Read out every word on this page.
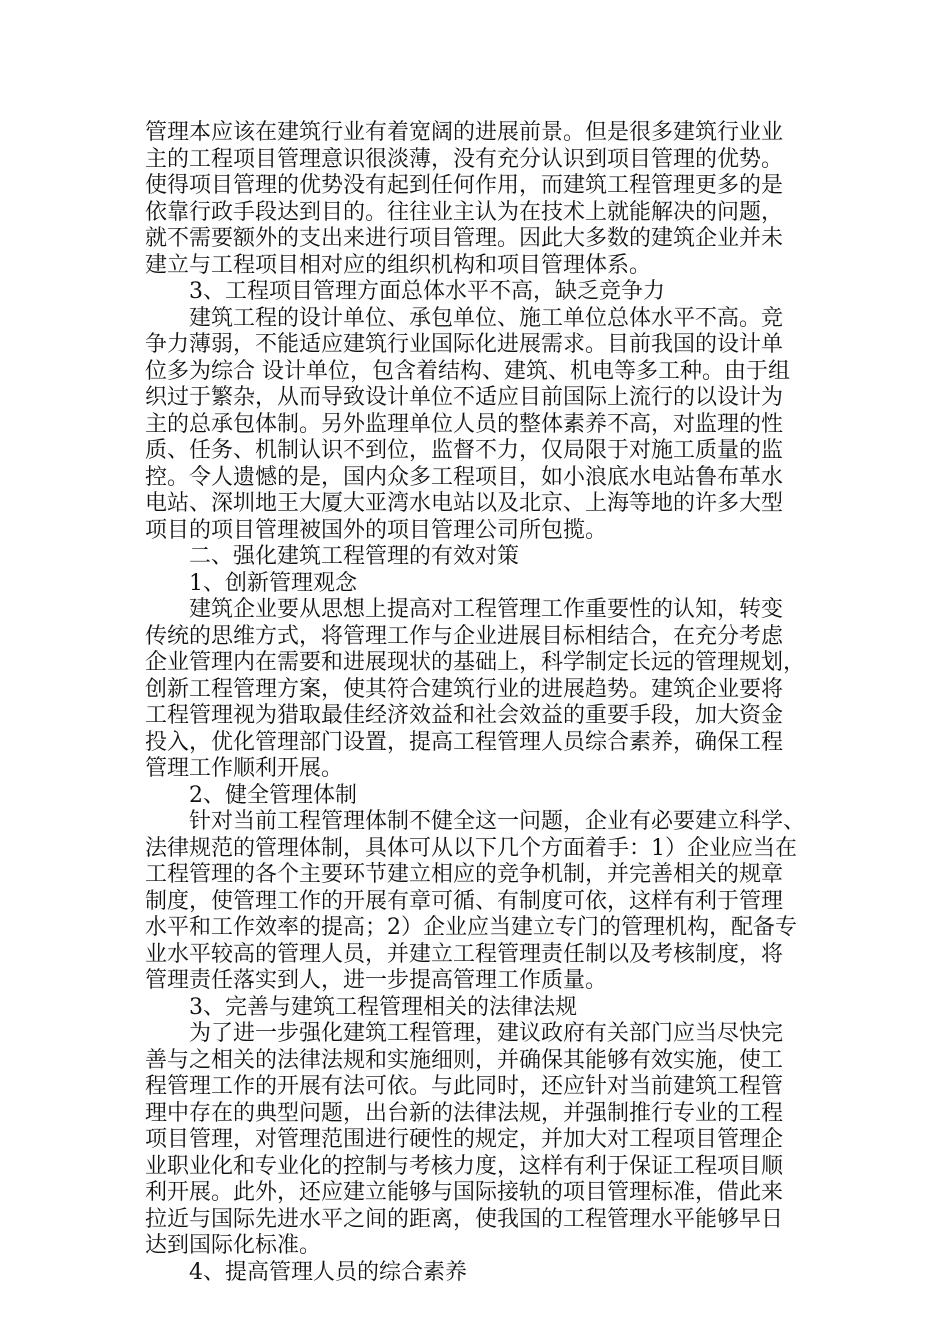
管理本应该在建筑行业有着宽阔的进展前景。但是很多建筑行业业
主的工程项目管理意识很淡薄，没有充分认识到项目管理的优势。
使得项目管理的优势没有起到任何作用，而建筑工程管理更多的是
依靠行政手段达到目的。往往业主认为在技术上就能解决的问题，
就不需要额外的支出来进行项目管理。因此大多数的建筑企业并未
建立与工程项目相对应的组织机构和项目管理体系。
3、工程项目管理方面总体水平不高，缺乏竞争力
建筑工程的设计单位、承包单位、施工单位总体水平不高。竞
争力薄弱，不能适应建筑行业国际化进展需求。目前我国的设计单
位多为综合 设计单位，包含着结构、建筑、机电等多工种。由于组
织过于繁杂，从而导致设计单位不适应目前国际上流行的以设计为
主的总承包体制。另外监理单位人员的整体素养不高，对监理的性
质、任务、机制认识不到位，监督不力，仅局限于对施工质量的监
控。令人遗憾的是，国内众多工程项目，如小浪底水电站鲁布革水
电站、深圳地王大厦大亚湾水电站以及北京、上海等地的许多大型
项目的项目管理被国外的项目管理公司所包揽。
二、强化建筑工程管理的有效对策
1、创新管理观念
建筑企业要从思想上提高对工程管理工作重要性的认知，转变
传统的思维方式，将管理工作与企业进展目标相结合，在充分考虑
企业管理内在需要和进展现状的基础上，科学制定长远的管理规划，
创新工程管理方案，使其符合建筑行业的进展趋势。建筑企业要将
工程管理视为猎取最佳经济效益和社会效益的重要手段，加大资金
投入，优化管理部门设置，提高工程管理人员综合素养，确保工程
管理工作顺利开展。
2、健全管理体制
针对当前工程管理体制不健全这一问题，企业有必要建立科学、
法律规范的管理体制，具体可从以下几个方面着手：1）企业应当在
工程管理的各个主要环节建立相应的竞争机制，并完善相关的规章
制度，使管理工作的开展有章可循、有制度可依，这样有利于管理
水平和工作效率的提高；2）企业应当建立专门的管理机构，配备专
业水平较高的管理人员，并建立工程管理责任制以及考核制度，将
管理责任落实到人，进一步提高管理工作质量。
3、完善与建筑工程管理相关的法律法规
为了进一步强化建筑工程管理，建议政府有关部门应当尽快完
善与之相关的法律法规和实施细则，并确保其能够有效实施，使工
程管理工作的开展有法可依。与此同时，还应针对当前建筑工程管
理中存在的典型问题，出台新的法律法规，并强制推行专业的工程
项目管理，对管理范围进行硬性的规定，并加大对工程项目管理企
业职业化和专业化的控制与考核力度，这样有利于保证工程项目顺
利开展。此外，还应建立能够与国际接轨的项目管理标准，借此来
拉近与国际先进水平之间的距离，使我国的工程管理水平能够早日
达到国际化标准。
4、提高管理人员的综合素养
